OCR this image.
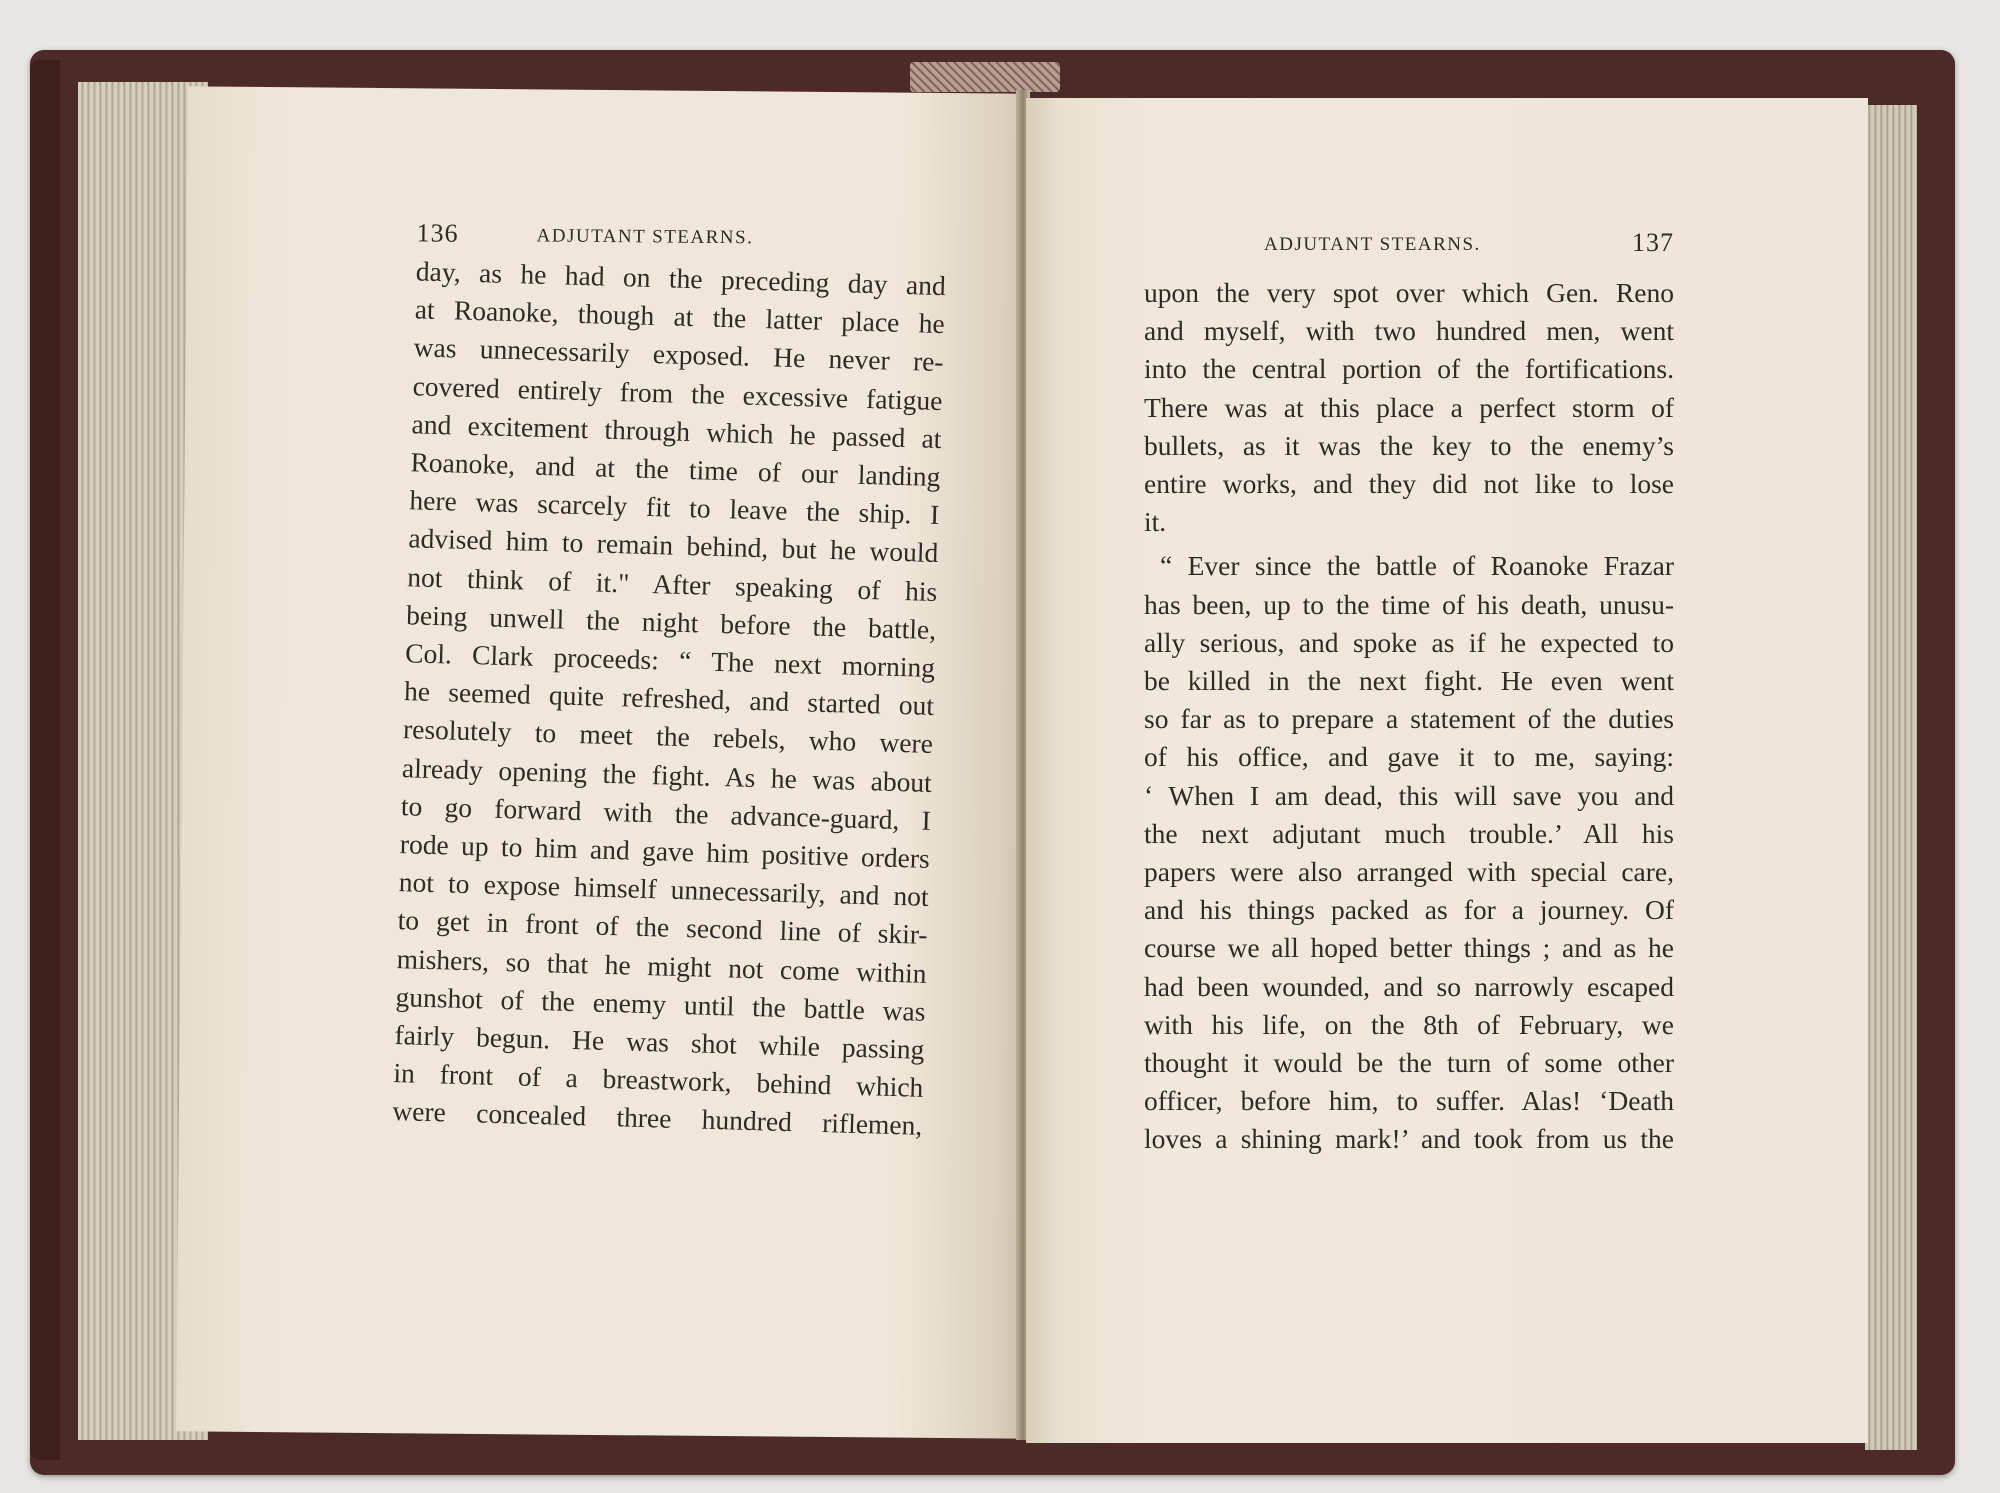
136	ADJUTANT STEARNS.
day, as he had on the preceding day and
at Roanoke, though at the latter place he
was unnecessarily exposed. He never re-
covered entirely from the excessive fatigue
and excitement through which he passed at
Roanoke, and at the time of our landing
here was scarcely fit to leave the ship. I
advised him to remain behind, but he would
not think of it." After speaking of his
being unwell the night before the battle,
Col. Clark proceeds: “ The next morning
he seemed quite refreshed, and started out
resolutely to meet the rebels, who were
already opening the fight. As he was about
to go forward with the advance-guard, I
rode up to him and gave him positive orders
not to expose himself unnecessarily, and not
to get in front of the second line of skir-
mishers, so that he might not come within
gunshot of the enemy until the battle was
fairly begun. He was shot while passing
in front of a breastwork, behind which
were concealed three hundred riflemen,
ADJUTANT STEARNS.	137
upon the very spot over which Gen. Reno
and myself, with two hundred men, went
into the central portion of the fortifications.
There was at this place a perfect storm of
bullets, as it was the key to the enemy’s
entire works, and they did not like to lose
it.
“ Ever since the battle of Roanoke Frazar
has been, up to the time of his death, unusu-
ally serious, and spoke as if he expected to
be killed in the next fight. He even went
so far as to prepare a statement of the duties
of his office, and gave it to me, saying:
‘ When I am dead, this will save you and
the next adjutant much trouble.’ All his
papers were also arranged with special care,
and his things packed as for a journey. Of
course we all hoped better things ; and as he
had been wounded, and so narrowly escaped
with his life, on the 8th of February, we
thought it would be the turn of some other
officer, before him, to suffer. Alas! ‘Death
loves a shining mark!’ and took from us the
